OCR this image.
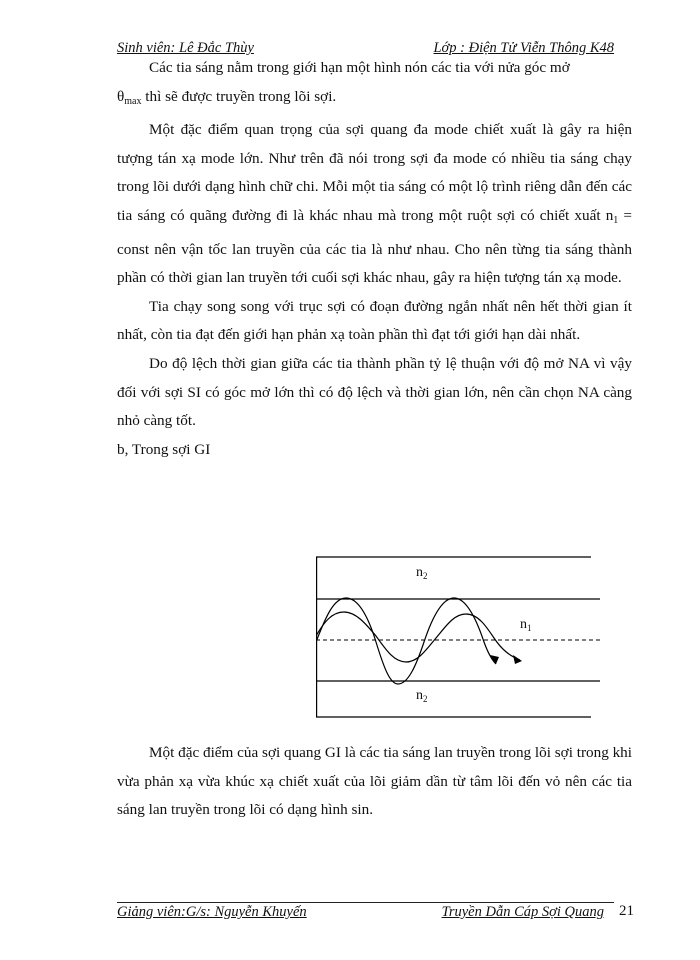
Sinh viên: Lê Đắc Thùy	Lớp : Điện Tử Viễn Thông K48

Các tia sáng nằm trong giới hạn một hình nón các tia với nửa góc mở
$\theta_{max}$ thì sẽ được truyền trong lõi sợi.

Một đặc điểm quan trọng của sợi quang đa mode chiết xuất là gây ra hiện tượng tán xạ mode lớn. Như trên đã nói trong sợi đa mode có nhiều tia sáng chạy trong lõi dưới dạng hình chữ chi. Mỗi một tia sáng có một lộ trình riêng dẫn đến các tia sáng có quãng đường đi là khác nhau mà trong một ruột sợi có chiết xuất $n_1$ = const nên vận tốc lan truyền của các tia là như nhau. Cho nên từng tia sáng thành phần có thời gian lan truyền tới cuối sợi khác nhau, gây ra hiện tượng tán xạ mode.

Tia chạy song song với trục sợi có đoạn đường ngắn nhất nên hết thời gian ít nhất, còn tia đạt đến giới hạn phản xạ toàn phần thì đạt tới giới hạn dài nhất.

Do độ lệch thời gian giữa các tia thành phần tỷ lệ thuận với độ mở NA vì vậy đối với sợi SI có góc mở lớn thì có độ lệch và thời gian lớn, nên cần chọn NA càng nhỏ càng tốt.

b, Trong sợi GI

$n_2$
$n_1$
$n_2$

Một đặc điểm của sợi quang GI là các tia sáng lan truyền trong lõi sợi trong khi vừa phản xạ vừa khúc xạ chiết xuất của lõi giảm dần từ tâm lõi đến vỏ nên các tia sáng lan truyền trong lõi có dạng hình sin.

Giảng viên:G/s: Nguyễn Khuyến	Truyền Dẫn Cáp Sợi Quang 21
